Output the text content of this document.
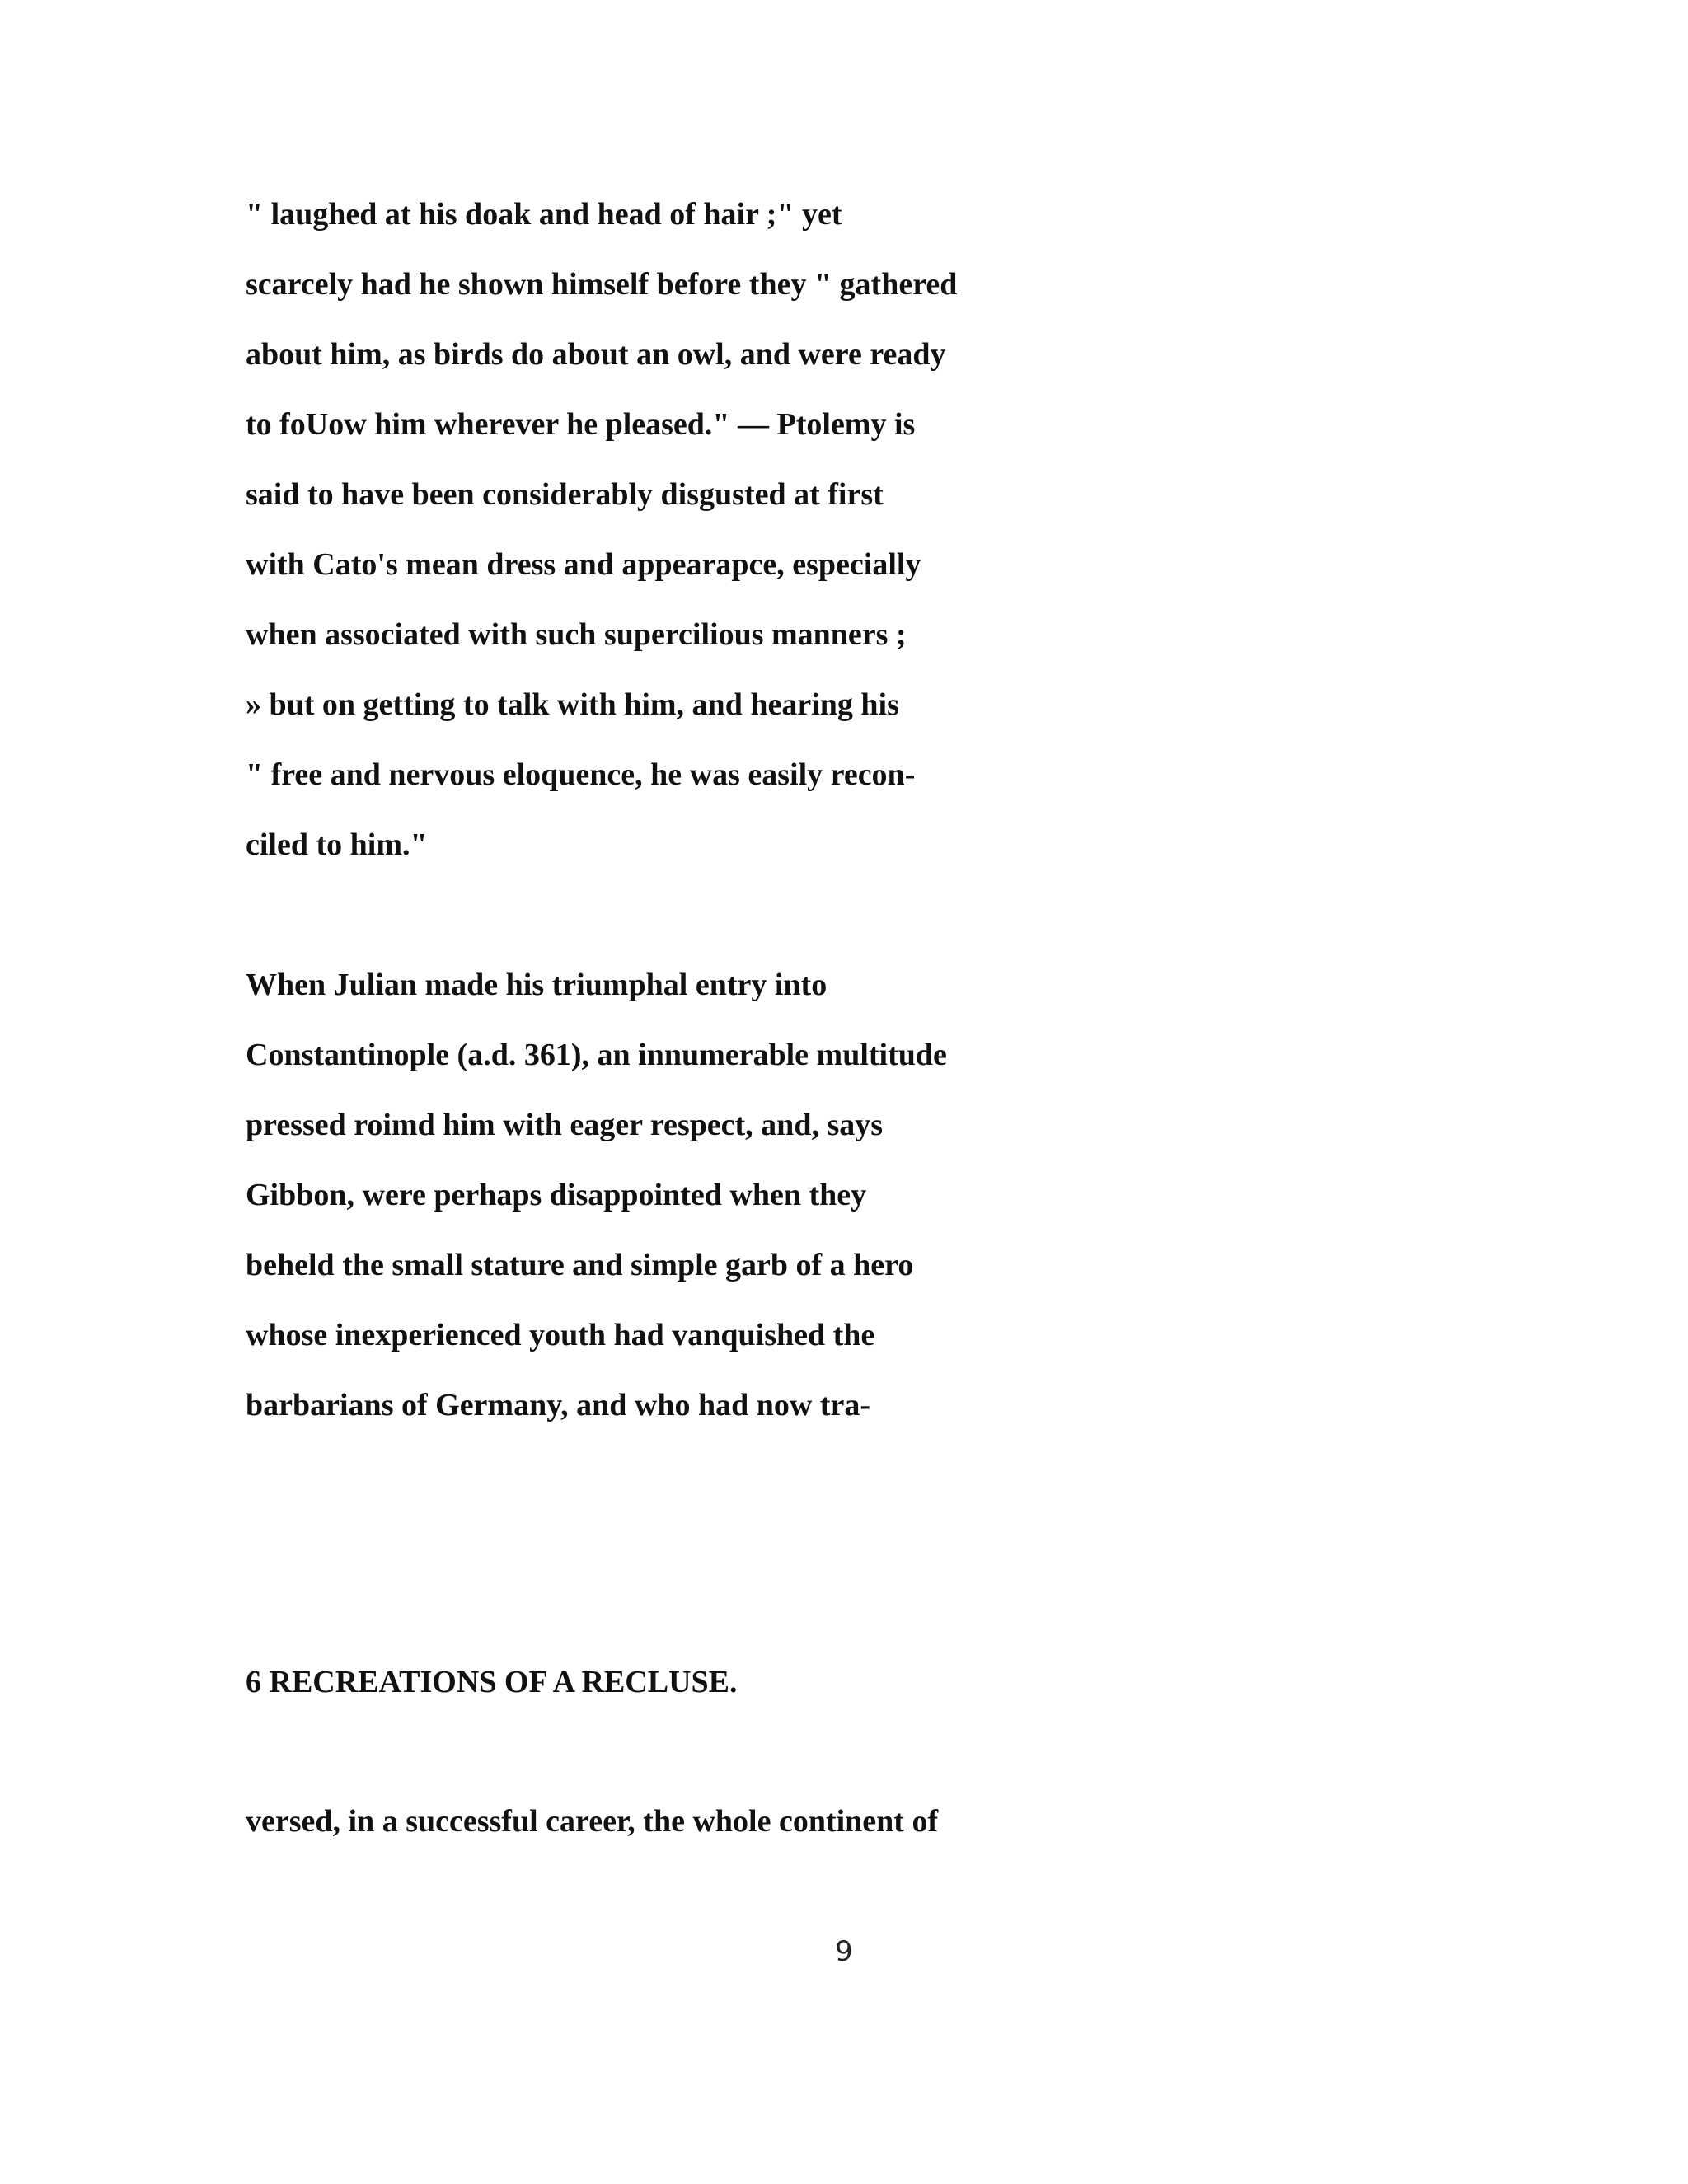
" laughed at his doak and head of hair ;" yet
scarcely had he shown himself before they " gathered
about him, as birds do about an owl, and were ready
to foUow him wherever he pleased." — Ptolemy is
said to have been considerably disgusted at first
with Cato's mean dress and appearapce, especially
when associated with such supercilious manners ;
» but on getting to talk with him, and hearing his
" free and nervous eloquence, he was easily recon-
ciled to him."
When Julian made his triumphal entry into
Constantinople (a.d. 361), an innumerable multitude
pressed roimd him with eager respect, and, says
Gibbon, were perhaps disappointed when they
beheld the small stature and simple garb of a hero
whose inexperienced youth had vanquished the
barbarians of Germany, and who had now tra-
6 RECREATIONS OF A RECLUSE.
versed, in a successful career, the whole continent of
9
